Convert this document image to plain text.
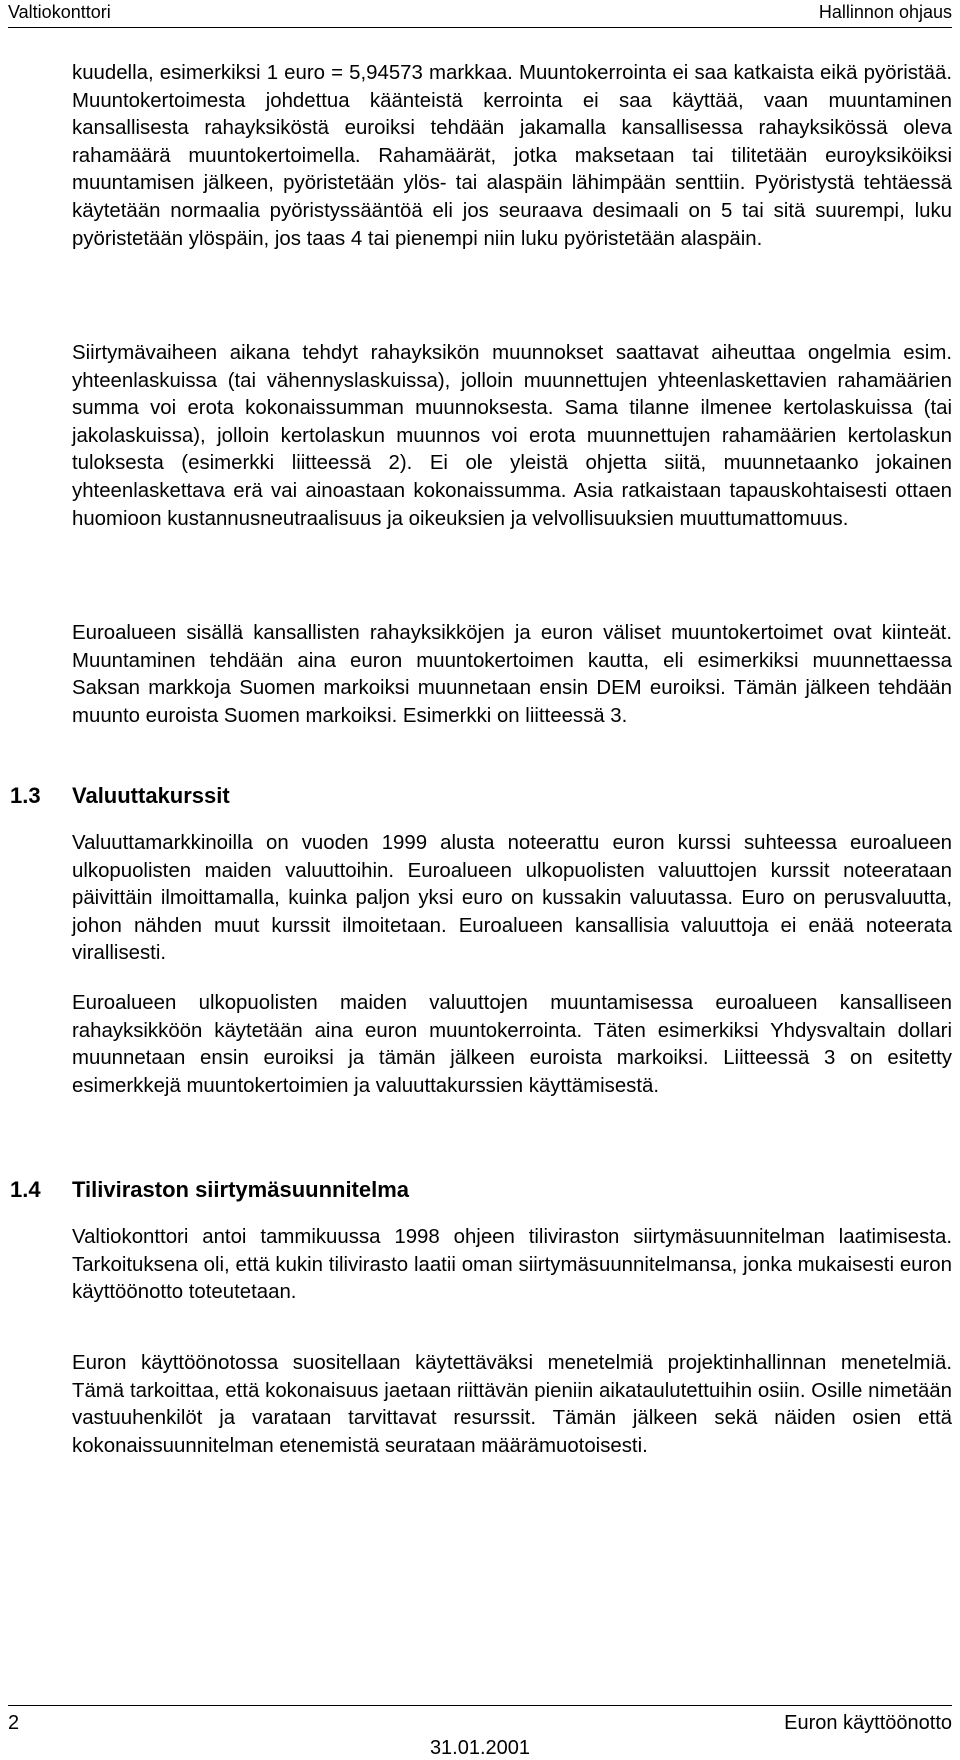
Valtiokonttori	Hallinnon ohjaus

kuudella, esimerkiksi 1 euro = 5,94573 markkaa. Muuntokerrointa ei saa katkaista eikä pyöristää. Muuntokertoimesta johdettua käänteistä kerrointa ei saa käyttää, vaan muuntaminen kansallisesta rahayksiköstä euroiksi tehdään jakamalla kansallisessa rahayksikössä oleva rahamäärä muuntokertoimella. Rahamäärät, jotka maksetaan tai tilitetään euroyksiköiksi muuntamisen jälkeen, pyöristetään ylös- tai alaspäin lähimpään senttiin. Pyöristystä tehtäessä käytetään normaalia pyöristyssääntöä eli jos seuraava desimaali on 5 tai sitä suurempi, luku pyöristetään ylöspäin, jos taas 4 tai pienempi niin luku pyöristetään alaspäin.

Siirtymävaiheen aikana tehdyt rahayksikön muunnokset saattavat aiheuttaa ongelmia esim. yhteenlaskuissa (tai vähennyslaskuissa), jolloin muunnettujen yhteenlaskettavien rahamäärien summa voi erota kokonaissumman muunnoksesta. Sama tilanne ilmenee kertolaskuissa (tai jakolaskuissa), jolloin kertolaskun muunnos voi erota muunnettujen rahamäärien kertolaskun tuloksesta (esimerkki liitteessä 2). Ei ole yleistä ohjetta siitä, muunnetaanko jokainen yhteenlaskettava erä vai ainoastaan kokonaissumma. Asia ratkaistaan tapauskohtaisesti ottaen huomioon kustannusneutraalisuus ja oikeuksien ja velvollisuuksien muuttumattomuus.

Euroalueen sisällä kansallisten rahayksikköjen ja euron väliset muuntokertoimet ovat kiinteät. Muuntaminen tehdään aina euron muuntokertoimen kautta, eli esimerkiksi muunnettaessa Saksan markkoja Suomen markoiksi muunnetaan ensin DEM euroiksi. Tämän jälkeen tehdään muunto euroista Suomen markoiksi. Esimerkki on liitteessä 3.

1.3 Valuuttakurssit

Valuuttamarkkinoilla on vuoden 1999 alusta noteerattu euron kurssi suhteessa euroalueen ulkopuolisten maiden valuuttoihin. Euroalueen ulkopuolisten valuuttojen kurssit noteerataan päivittäin ilmoittamalla, kuinka paljon yksi euro on kussakin valuutassa. Euro on perusvaluutta, johon nähden muut kurssit ilmoitetaan. Euroalueen kansallisia valuuttoja ei enää noteerata virallisesti.

Euroalueen ulkopuolisten maiden valuuttojen muuntamisessa euroalueen kansalliseen rahayksikköön käytetään aina euron muuntokerrointa. Täten esimerkiksi Yhdysvaltain dollari muunnetaan ensin euroiksi ja tämän jälkeen euroista markoiksi. Liitteessä 3 on esitetty esimerkkejä muuntokertoimien ja valuuttakurssien käyttämisestä.

1.4 Tiliviraston siirtymäsuunnitelma

Valtiokonttori antoi tammikuussa 1998 ohjeen tiliviraston siirtymäsuunnitelman laatimisesta. Tarkoituksena oli, että kukin tilivirasto laatii oman siirtymäsuunnitelmansa, jonka mukaisesti euron käyttöönotto toteutetaan.

Euron käyttöönotossa suositellaan käytettäväksi menetelmiä projektinhallinnan menetelmiä. Tämä tarkoittaa, että kokonaisuus jaetaan riittävän pieniin aikataulutettuihin osiin. Osille nimetään vastuuhenkilöt ja varataan tarvittavat resurssit. Tämän jälkeen sekä näiden osien että kokonaissuunnitelman etenemistä seurataan määrämuotoisesti.

2	Euron käyttöönotto
31.01.2001
